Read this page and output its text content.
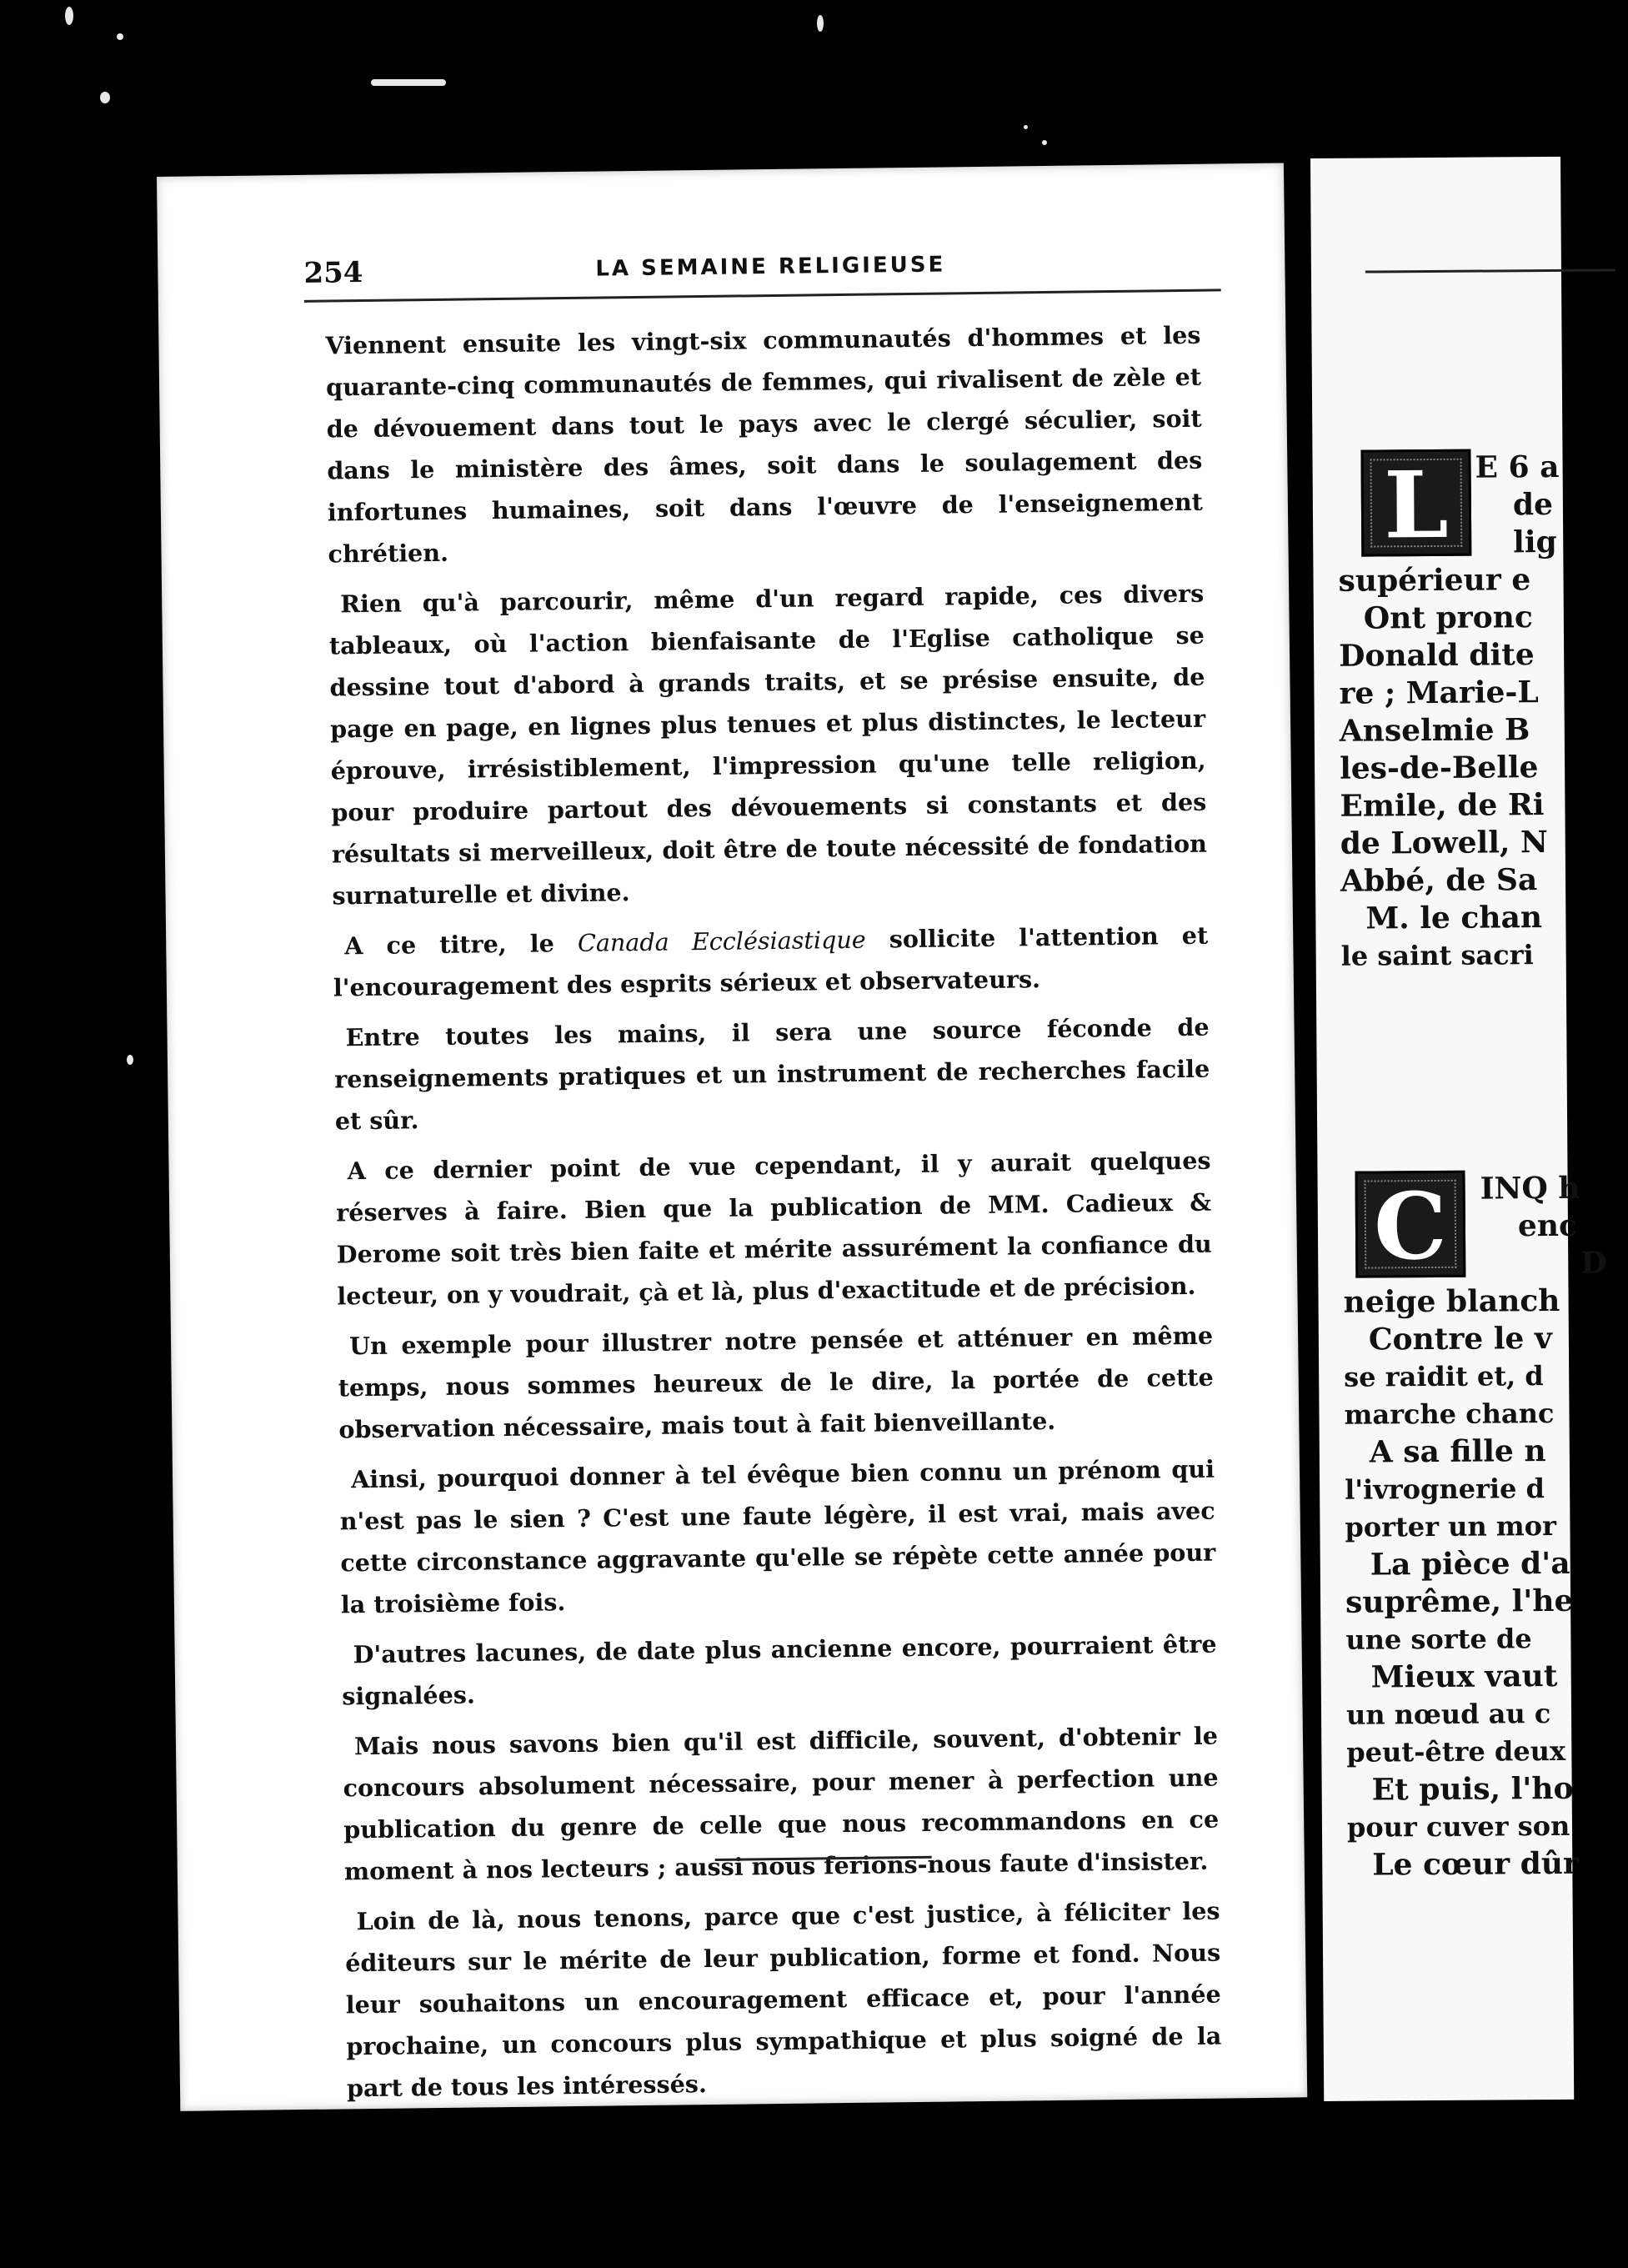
254	LA SEMAINE RELIGIEUSE

Viennent ensuite les vingt-six communautés d'hommes et les quarante-cinq communautés de femmes, qui rivalisent de zèle et de dévouement dans tout le pays avec le clergé séculier, soit dans le ministère des âmes, soit dans le soulagement des infortunes humaines, soit dans l'œuvre de l'enseignement chrétien.

Rien qu'à parcourir, même d'un regard rapide, ces divers tableaux, où l'action bienfaisante de l'Eglise catholique se dessine tout d'abord à grands traits, et se présise ensuite, de page en page, en lignes plus tenues et plus distinctes, le lecteur éprouve, irrésistiblement, l'impression qu'une telle religion, pour produire partout des dévouements si constants et des résultats si merveilleux, doit être de toute nécessité de fondation surnaturelle et divine.

A ce titre, le Canada Ecclésiastique sollicite l'attention et l'encouragement des esprits sérieux et observateurs.

Entre toutes les mains, il sera une source féconde de renseignements pratiques et un instrument de recherches facile et sûr.

A ce dernier point de vue cependant, il y aurait quelques réserves à faire. Bien que la publication de MM. Cadieux & Derome soit très bien faite et mérite assurément la confiance du lecteur, on y voudrait, çà et là, plus d'exactitude et de précision.

Un exemple pour illustrer notre pensée et atténuer en même temps, nous sommes heureux de le dire, la portée de cette observation nécessaire, mais tout à fait bienveillante.

Ainsi, pourquoi donner à tel évêque bien connu un prénom qui n'est pas le sien ? C'est une faute légère, il est vrai, mais avec cette circonstance aggravante qu'elle se répète cette année pour la troisième fois.

D'autres lacunes, de date plus ancienne encore, pourraient être signalées.

Mais nous savons bien qu'il est difficile, souvent, d'obtenir le concours absolument nécessaire, pour mener à perfection une publication du genre de celle que nous recommandons en ce moment à nos lecteurs ; aussi nous ferions-nous faute d'insister.

Loin de là, nous tenons, parce que c'est justice, à féliciter les éditeurs sur le mérite de leur publication, forme et fond. Nous leur souhaitons un encouragement efficace et, pour l'année prochaine, un concours plus sympathique et plus soigné de la part de tous les intéressés.

L E 6 a
de
lig
supérieur e
Ont pronc
Donald dite
re ; Marie-L
Anselmie B
les-de-Belle
Emile, de Ri
de Lowell, N
Abbé, de Sa
M. le chan
le saint sacri
C	INQ h
enc
D
neige blanch
Contre le v
se raidit et, d
marche chanc
A sa fille n
l'ivrognerie d
porter un mor
La pièce d'a
suprême, l'he
une sorte de
Mieux vaut
un nœud au c
peut-être deux
Et puis, l'ho
pour cuver son
Le cœur dûr
